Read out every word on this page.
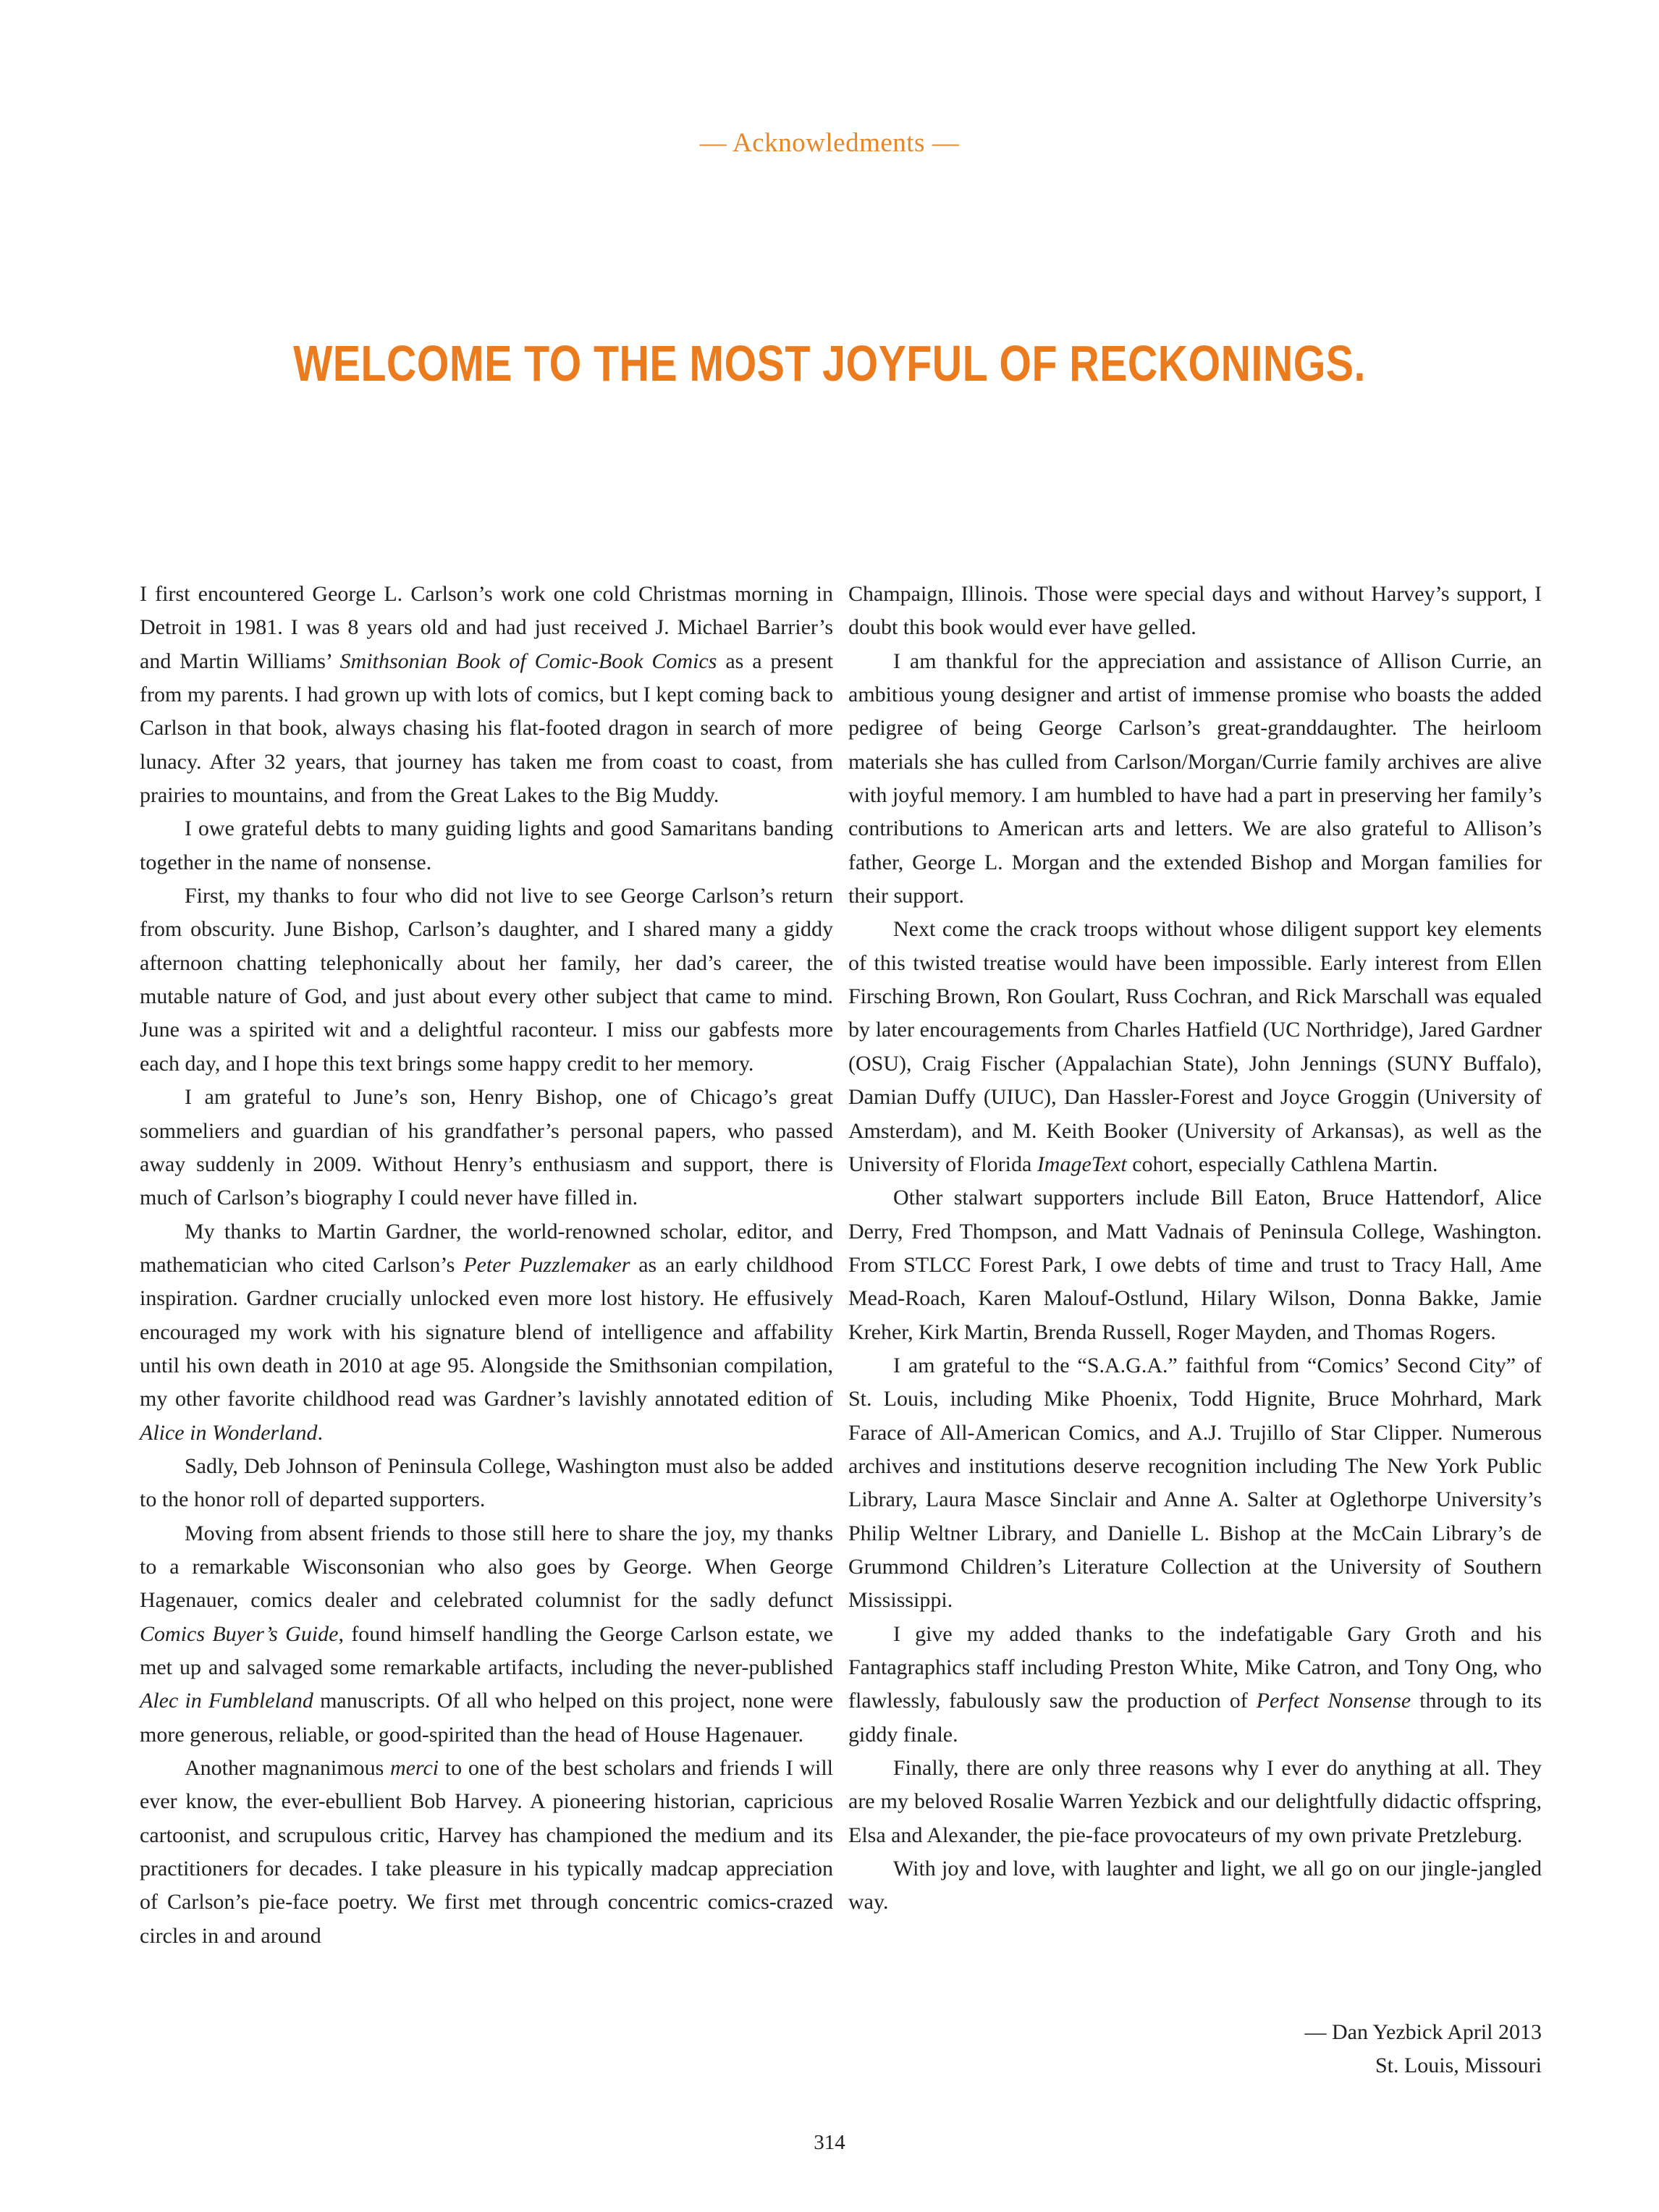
— Acknowledments —
WELCOME TO THE MOST JOYFUL OF RECKONINGS.

I first encountered George L. Carlson’s work one cold Christmas morning in Detroit in 1981. I was 8 years old and had just received J. Michael Barrier’s and Martin Williams’ Smithsonian Book of Comic-Book Comics as a present from my parents. I had grown up with lots of comics, but I kept coming back to Carlson in that book, always chasing his flat-footed dragon in search of more lunacy. After 32 years, that journey has taken me from coast to coast, from prairies to mountains, and from the Great Lakes to the Big Muddy.

I owe grateful debts to many guiding lights and good Samaritans banding together in the name of nonsense.

First, my thanks to four who did not live to see George Carlson’s return from obscurity. June Bishop, Carlson’s daughter, and I shared many a giddy afternoon chatting telephonically about her family, her dad’s career, the mutable nature of God, and just about every other subject that came to mind. June was a spirited wit and a delightful raconteur. I miss our gabfests more each day, and I hope this text brings some happy credit to her memory.

I am grateful to June’s son, Henry Bishop, one of Chicago’s great sommeliers and guardian of his grandfather’s personal papers, who passed away suddenly in 2009. Without Henry’s enthusiasm and support, there is much of Carlson’s biography I could never have filled in.

My thanks to Martin Gardner, the world-renowned scholar, editor, and mathematician who cited Carlson’s Peter Puzzlemaker as an early childhood inspiration. Gardner crucially unlocked even more lost history. He effusively encouraged my work with his signature blend of intelligence and affability until his own death in 2010 at age 95. Alongside the Smithsonian compilation, my other favorite childhood read was Gardner’s lavishly annotated edition of Alice in Wonderland.

Sadly, Deb Johnson of Peninsula College, Washington must also be added to the honor roll of departed supporters.

Moving from absent friends to those still here to share the joy, my thanks to a remarkable Wisconsonian who also goes by George. When George Hagenauer, comics dealer and celebrated columnist for the sadly defunct Comics Buyer’s Guide, found himself handling the George Carlson estate, we met up and salvaged some remarkable artifacts, including the never-published Alec in Fumbleland manuscripts. Of all who helped on this project, none were more generous, reliable, or good-spirited than the head of House Hagenauer.

Another magnanimous merci to one of the best scholars and friends I will ever know, the ever-ebullient Bob Harvey. A pioneering historian, capricious cartoonist, and scrupulous critic, Harvey has championed the medium and its practitioners for decades. I take pleasure in his typically madcap appreciation of Carlson’s pie-face poetry. We first met through concentric comics-crazed circles in and around

Champaign, Illinois. Those were special days and without Harvey’s support, I doubt this book would ever have gelled.

I am thankful for the appreciation and assistance of Allison Currie, an ambitious young designer and artist of immense promise who boasts the added pedigree of being George Carlson’s great-granddaughter. The heirloom materials she has culled from Carlson/Morgan/Currie family archives are alive with joyful memory. I am humbled to have had a part in preserving her family’s contributions to American arts and letters. We are also grateful to Allison’s father, George L. Morgan and the extended Bishop and Morgan families for their support.

Next come the crack troops without whose diligent support key elements of this twisted treatise would have been impossible. Early interest from Ellen Firsching Brown, Ron Goulart, Russ Cochran, and Rick Marschall was equaled by later encouragements from Charles Hatfield (UC Northridge), Jared Gardner (OSU), Craig Fischer (Appalachian State), John Jennings (SUNY Buffalo), Damian Duffy (UIUC), Dan Hassler-Forest and Joyce Groggin (University of Amsterdam), and M. Keith Booker (University of Arkansas), as well as the University of Florida ImageText cohort, especially Cathlena Martin.

Other stalwart supporters include Bill Eaton, Bruce Hattendorf, Alice Derry, Fred Thompson, and Matt Vadnais of Peninsula College, Washington. From STLCC Forest Park, I owe debts of time and trust to Tracy Hall, Ame Mead-Roach, Karen Malouf-Ostlund, Hilary Wilson, Donna Bakke, Jamie Kreher, Kirk Martin, Brenda Russell, Roger Mayden, and Thomas Rogers.

I am grateful to the “S.A.G.A.” faithful from “Comics’ Second City” of St. Louis, including Mike Phoenix, Todd Hignite, Bruce Mohrhard, Mark Farace of All-American Comics, and A.J. Trujillo of Star Clipper. Numerous archives and institutions deserve recognition including The New York Public Library, Laura Masce Sinclair and Anne A. Salter at Oglethorpe University’s Philip Weltner Library, and Danielle L. Bishop at the McCain Library’s de Grummond Children’s Literature Collection at the University of Southern Mississippi.

I give my added thanks to the indefatigable Gary Groth and his Fantagraphics staff including Preston White, Mike Catron, and Tony Ong, who flawlessly, fabulously saw the production of Perfect Nonsense through to its giddy finale.

Finally, there are only three reasons why I ever do anything at all. They are my beloved Rosalie Warren Yezbick and our delightfully didactic offspring, Elsa and Alexander, the pie-face provocateurs of my own private Pretzleburg.

With joy and love, with laughter and light, we all go on our jingle-jangled way.

— Dan Yezbick April 2013
St. Louis, Missouri
314
